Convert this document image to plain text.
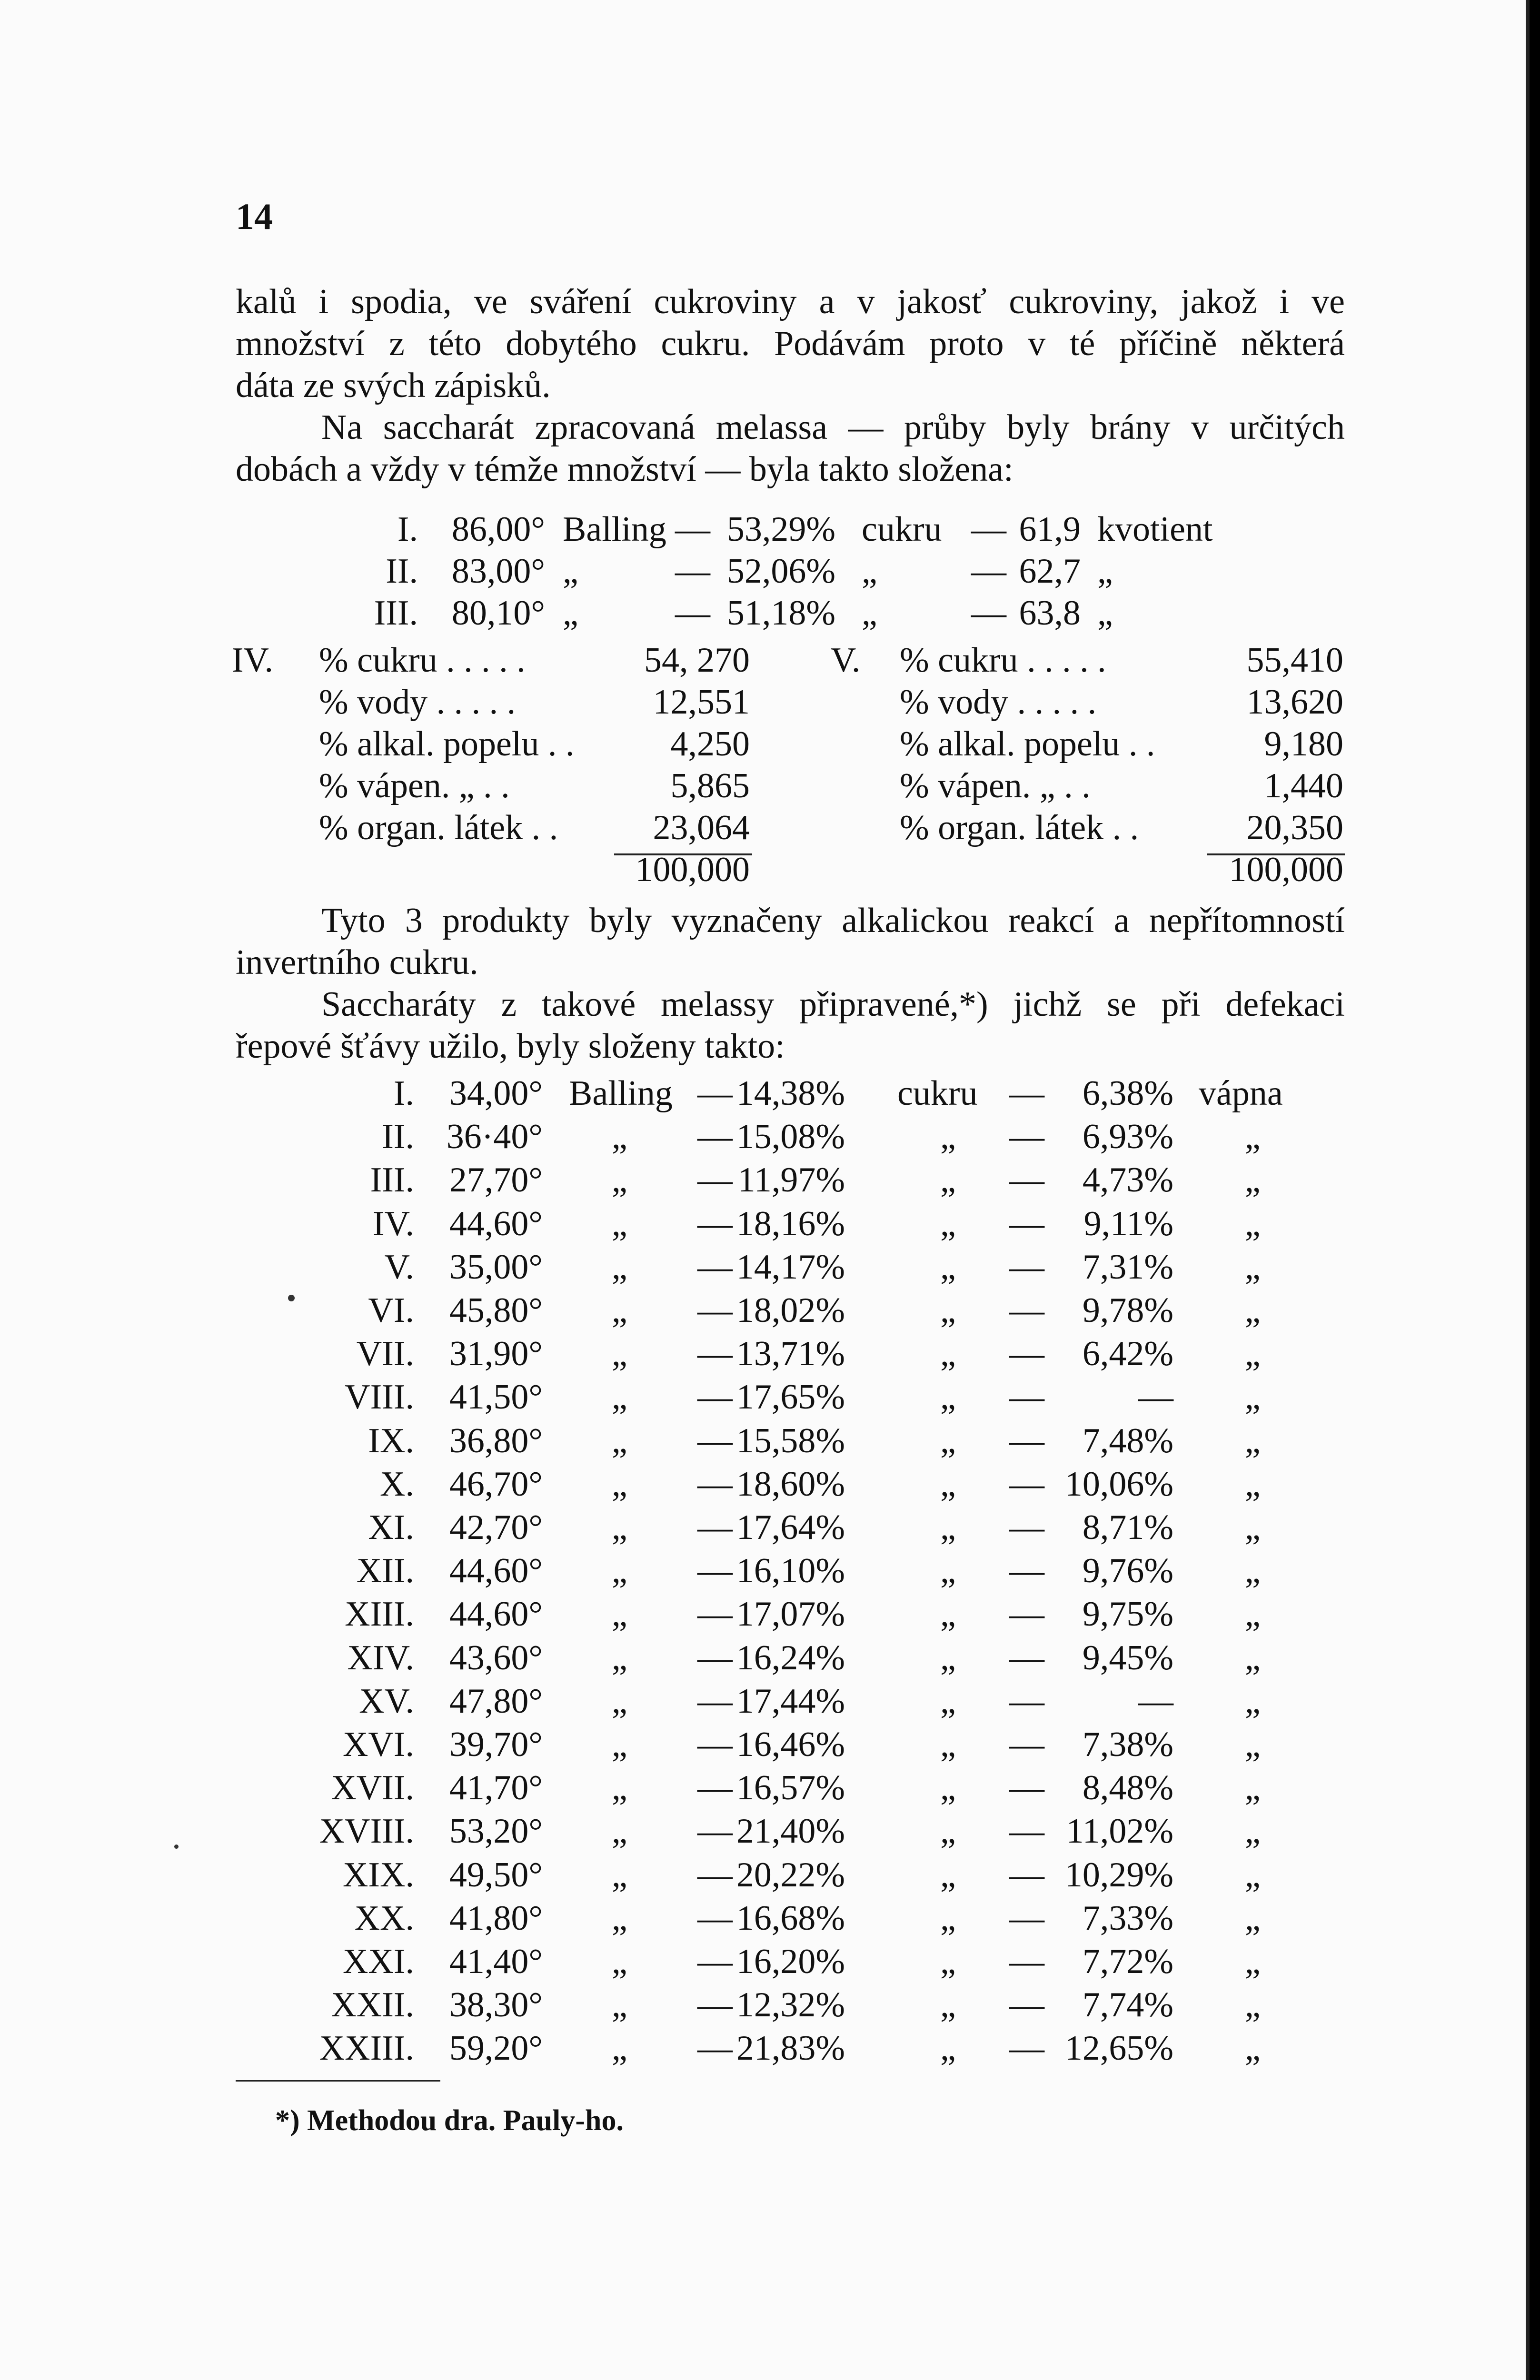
14
kalů i spodia, ve sváření cukroviny a v jakosť cukroviny, jakož i ve
množství z této dobytého cukru. Podávám proto v té příčině některá
dáta ze svých zápisků.
Na saccharát zpracovaná melassa — průby byly brány v určitých
dobách a vždy v témže množství — byla takto složena:
I. 86,00° Balling — 53,29% cukru — 61,9 kvotient
II. 83,00° „	— 52,06% „	— 62,7 „
III. 80,10° „	— 51,18% „	— 63,8 „
IV. % cukru . . . . .	54, 270
% vody . . . . .	12,551
% alkal. popelu . .	4,250
% vápen. „ . .	5,865
% organ. látek . .	23,064
100,000
V. % cukru . . . . .	55,410
% vody . . . . .	13,620
% alkal. popelu . .	9,180
% vápen. „ . .	1,440
% organ. látek . .	20,350
100,000
Tyto 3 produkty byly vyznačeny alkalickou reakcí a nepřítomností
invertního cukru.
Saccharáty z takové melassy připravené,*) jichž se při defekaci
řepové šťávy užilo, byly složeny takto:
I. 34,00° Balling — 14,38% cukru — 6,38% vápna
II. 36·40° „ — 15,08%	„ — 6,93% „
III. 27,70° „ — 11,97%	„ — 4,73% „
IV. 44,60° „ — 18,16%	„ — 9,11% „
V. 35,00° „ — 14,17%	„ — 7,31% „
VI. 45,80° „ — 18,02%	„ — 9,78% „
VII. 31,90° „ — 13,71%	„ — 6,42% „
VIII. 41,50° „ — 17,65%	„ —	— „
IX. 36,80° „ — 15,58%	„ — 7,48% „
X. 46,70° „ — 18,60%	„ — 10,06% „
XI. 42,70° „ — 17,64%	„ — 8,71% „
XII. 44,60° „ — 16,10%	„ — 9,76% „
XIII. 44,60° „ — 17,07%	„ — 9,75% „
XIV. 43,60° „ — 16,24%	„ — 9,45% „
XV. 47,80° „ — 17,44%	„ —	— „
XVI. 39,70° „ — 16,46%	„ — 7,38% „
XVII. 41,70° „ — 16,57%	„ — 8,48% „
XVIII. 53,20° „ — 21,40%	„ — 11,02% „
XIX. 49,50° „ — 20,22%	„ — 10,29% „
XX. 41,80° „ — 16,68%	„ — 7,33% „
XXI. 41,40° „ — 16,20%	„ — 7,72% „
XXII. 38,30° „ — 12,32%	„ — 7,74% „
XXIII. 59,20° „ — 21,83%	„ — 12,65% „
*) Methodou dra. Pauly-ho.
